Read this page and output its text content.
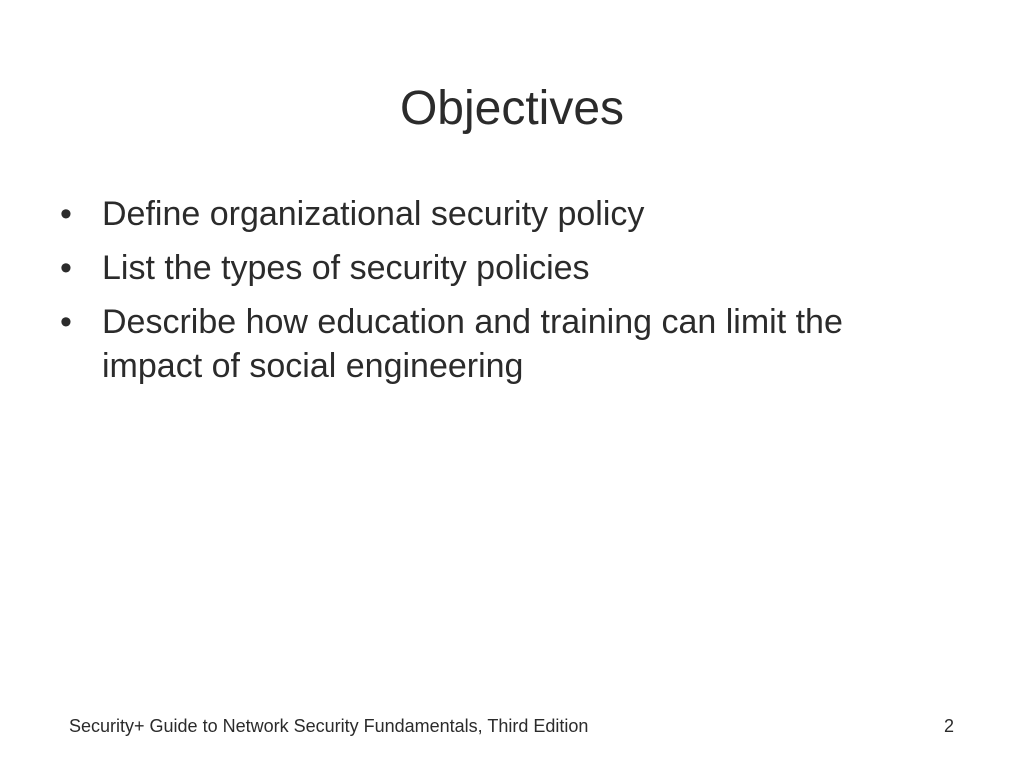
Objectives
• Define organizational security policy
• List the types of security policies
• Describe how education and training can limit the impact of social engineering
Security+ Guide to Network Security Fundamentals, Third Edition	2
